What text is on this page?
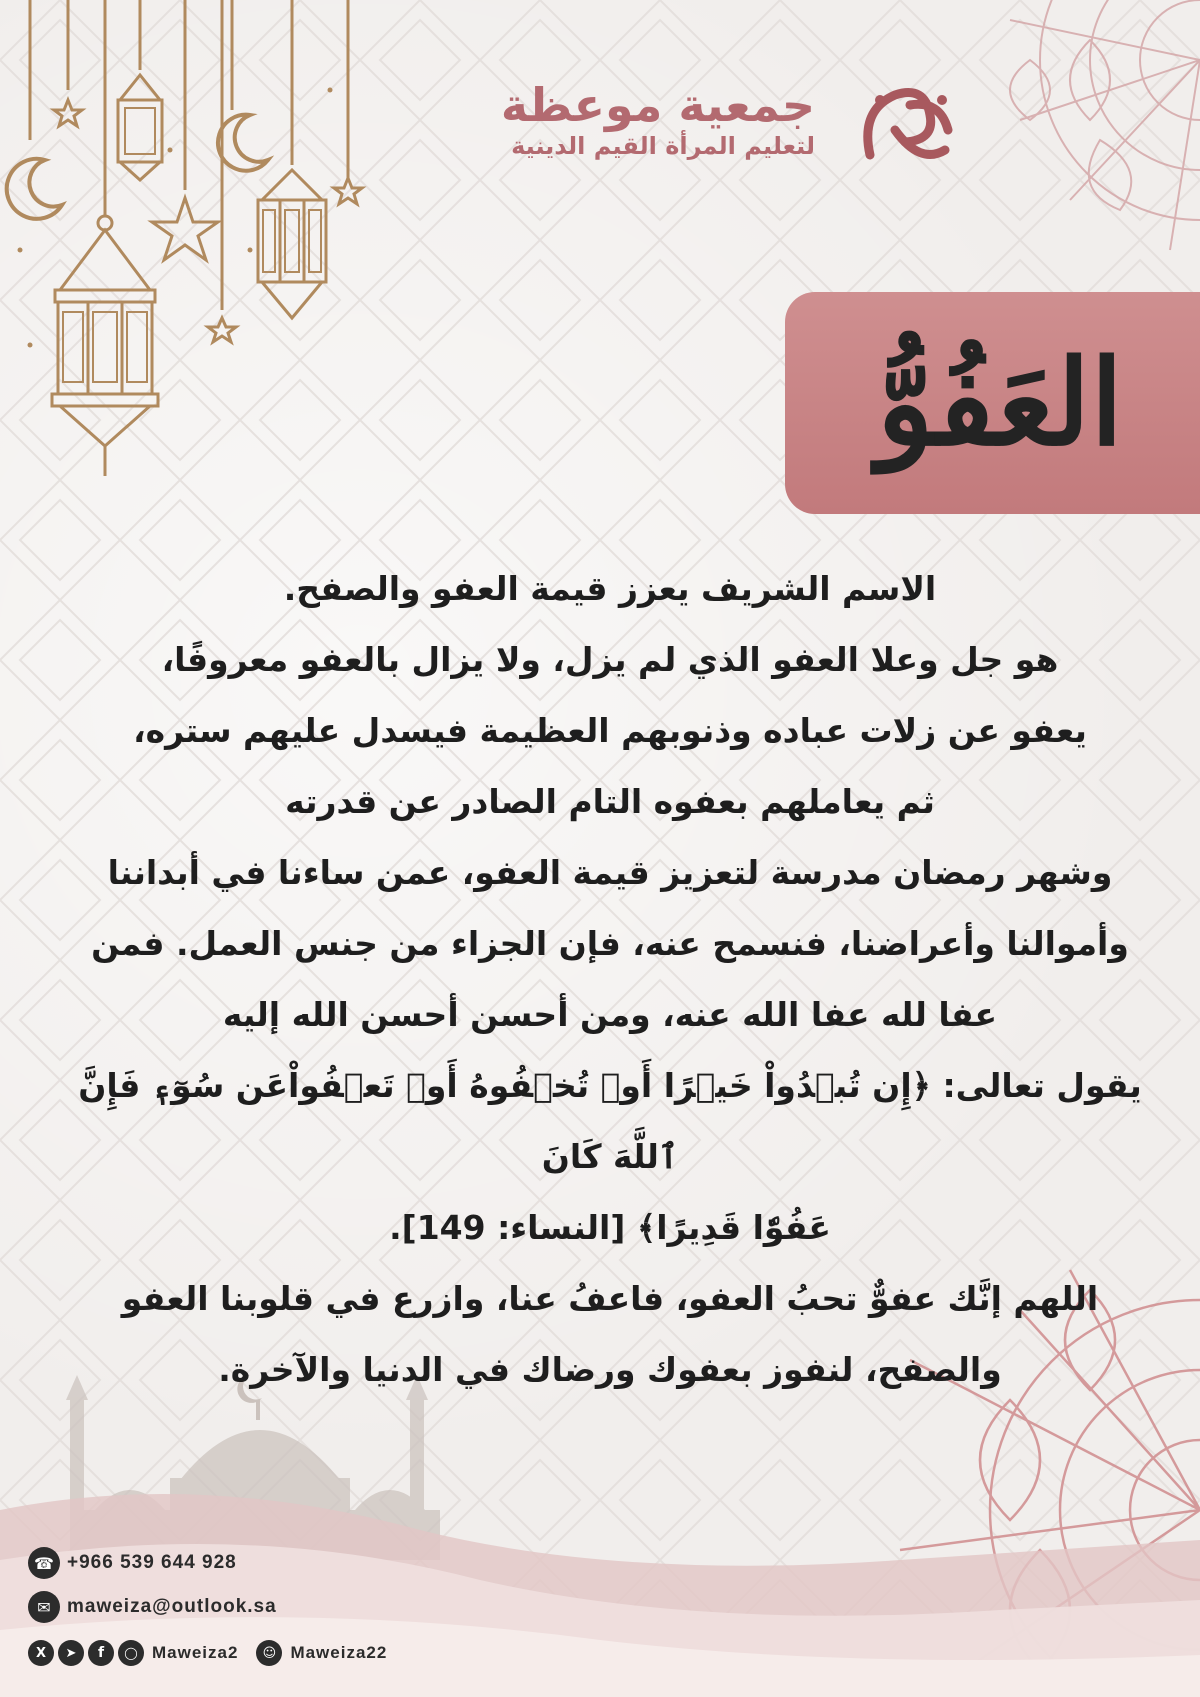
جمعية موعظة
لتعليم المرأة القيم الدينية
العَفُوُّ

الاسم الشريف يعزز قيمة العفو والصفح.

هو جل وعلا العفو الذي لم يزل، ولا يزال بالعفو معروفًا،

يعفو عن زلات عباده وذنوبهم العظيمة فيسدل عليهم ستره،

ثم يعاملهم بعفوه التام الصادر عن قدرته

وشهر رمضان مدرسة لتعزيز قيمة العفو، عمن ساءنا في أبداننا

وأموالنا وأعراضنا، فنسمح عنه، فإن الجزاء من جنس العمل. فمن

عفا لله عفا الله عنه، ومن أحسن أحسن الله إليه

يقول تعالى: ﴿إِن تُبۡدُواْ خَيۡرًا أَوۡ تُخۡفُوهُ أَوۡ تَعۡفُواْعَن سُوٓءٖ فَإِنَّ ٱللَّهَ كَانَ

عَفُوّٗا قَدِيرًا﴾ [النساء: 149].

اللهم إنَّك عفوٌّ تحبُ العفو، فاعفُ عنا، وازرع في قلوبنا العفو

والصفح، لنفوز بعفوك ورضاك في الدنيا والآخرة.

☎ +966 539 644 928
✉ maweiza@outlook.sa
X	➤	f	◯ Maweiza2	☺ Maweiza22
